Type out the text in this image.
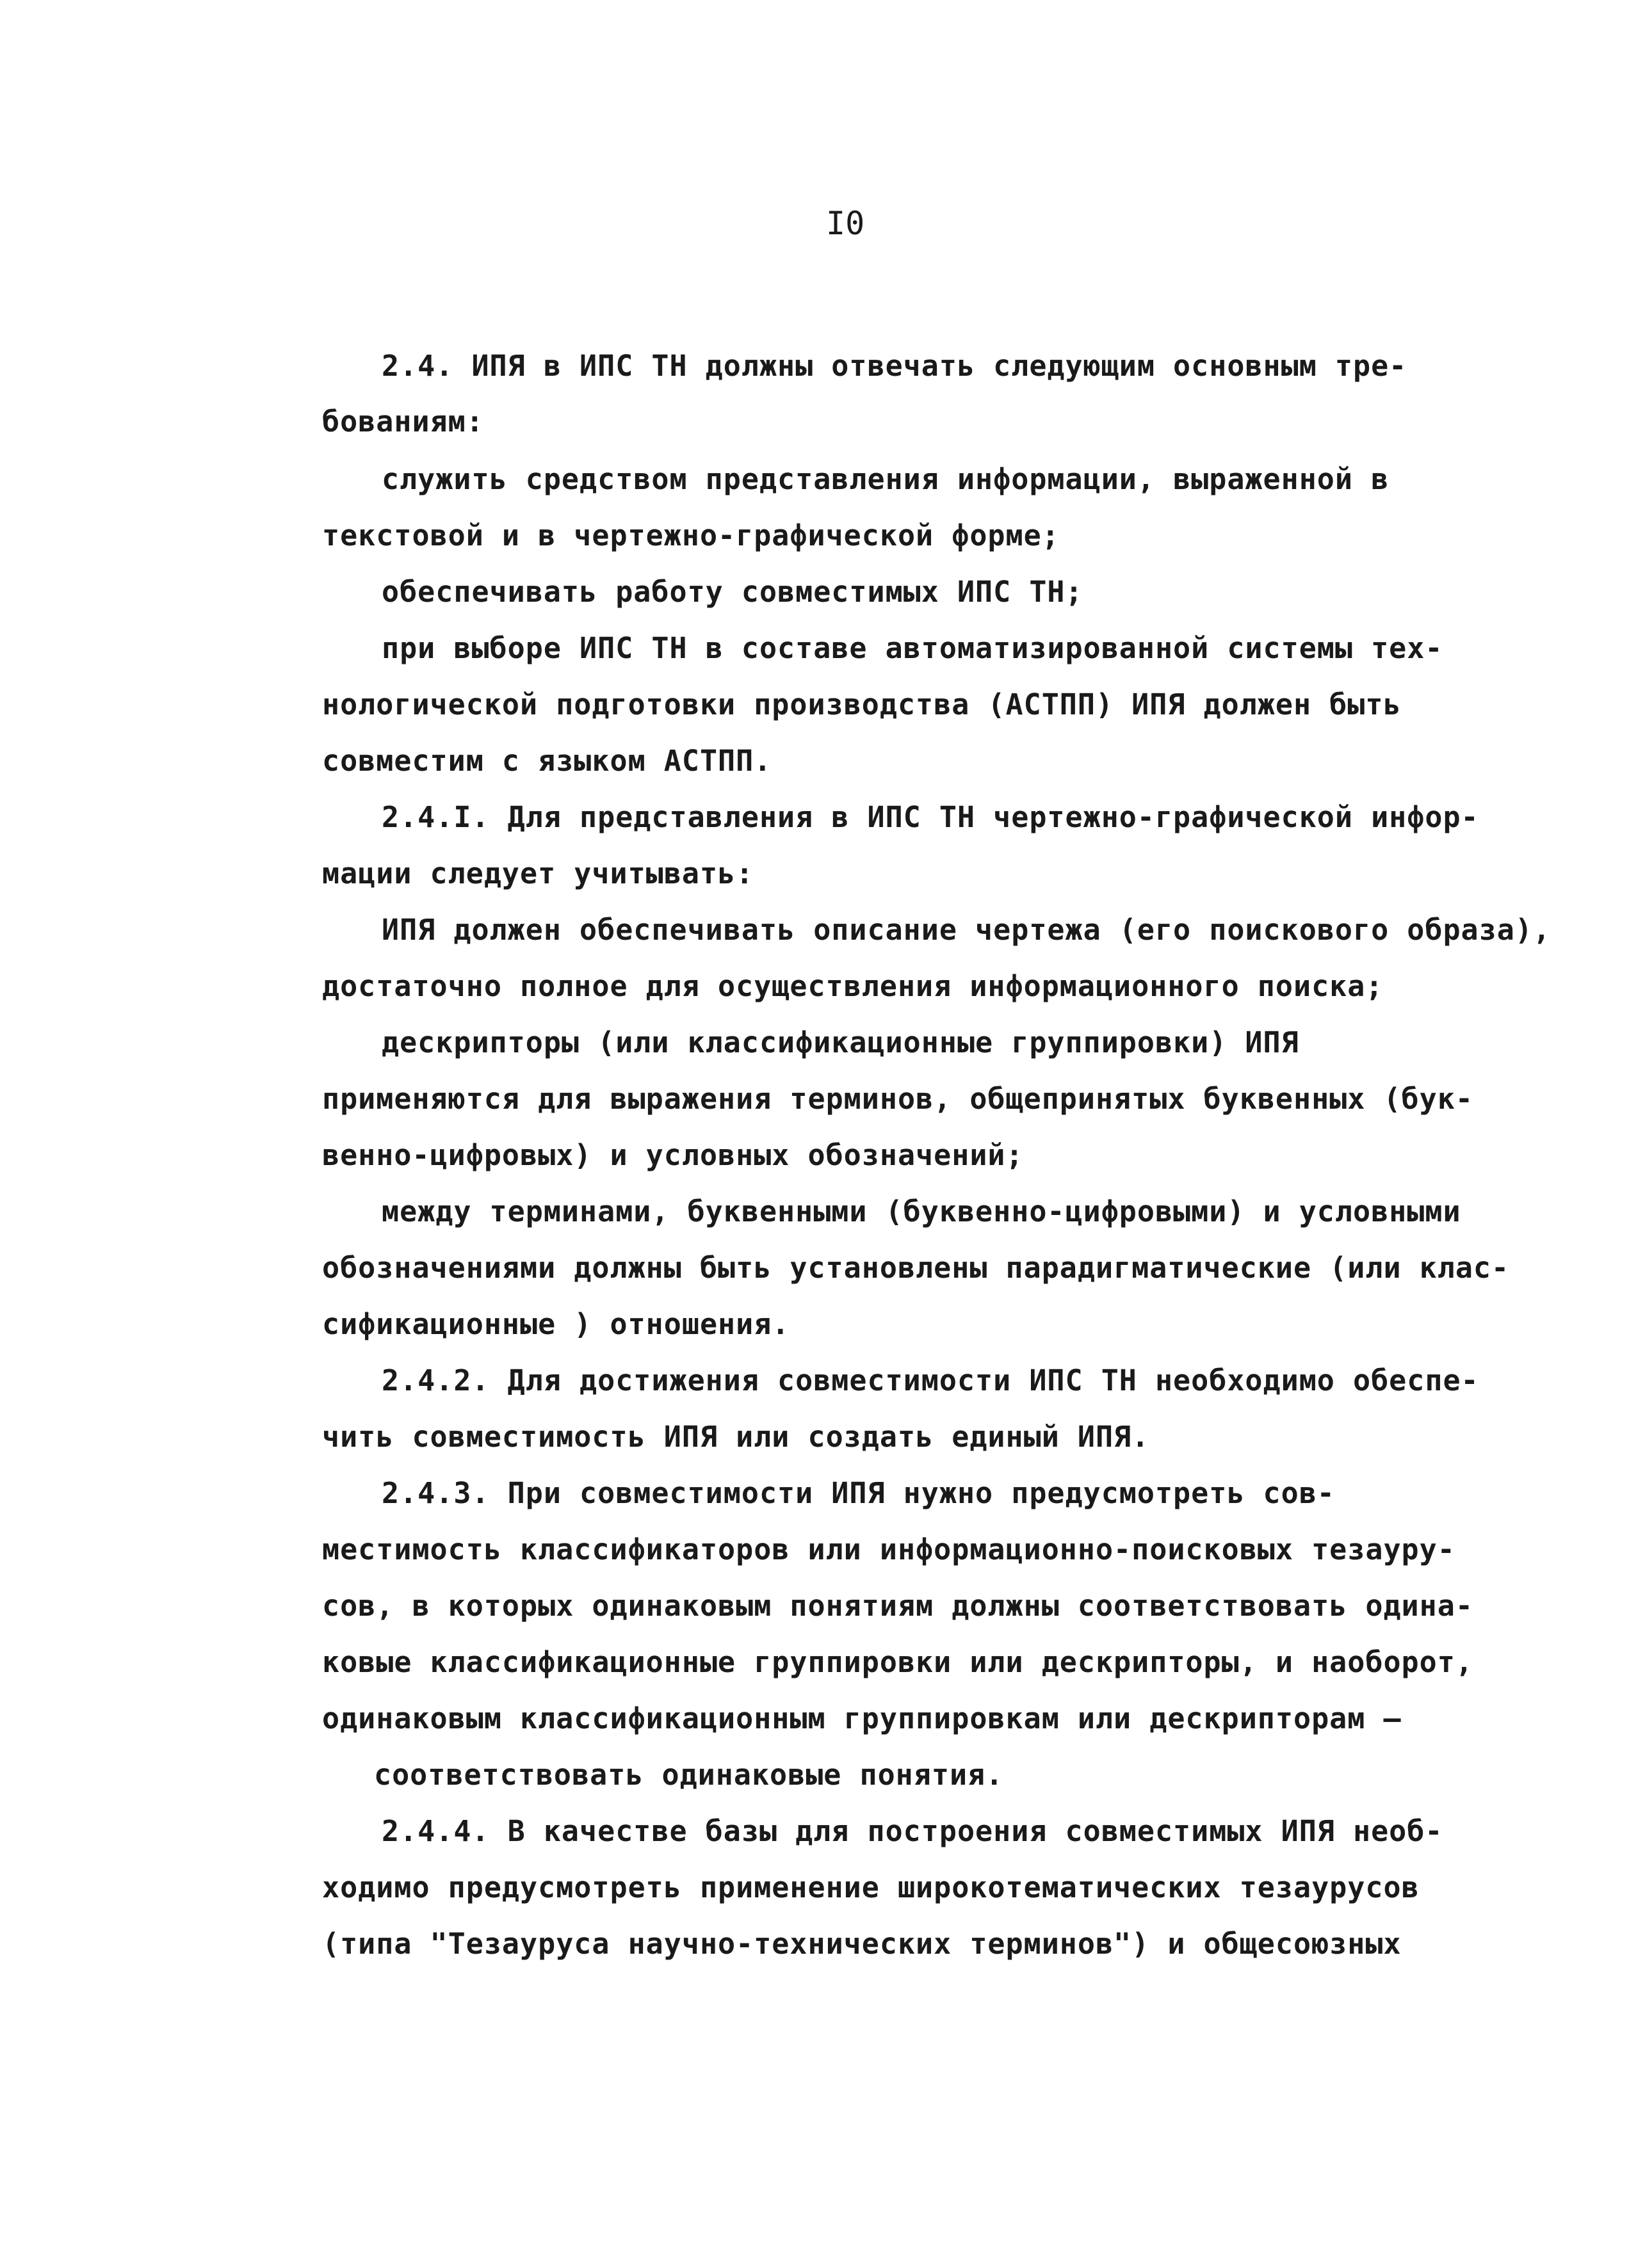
I0
2.4. ИПЯ в ИПС ТН должны отвечать следующим основным тре-
бованиям:
служить средством представления информации, выраженной в
текстовой и в чертежно-графической форме;
обеспечивать работу совместимых ИПС ТН;
при выборе ИПС ТН в составе автоматизированной системы тех-
нологической подготовки производства (АСТПП) ИПЯ должен быть
совместим с языком АСТПП.
2.4.I. Для представления в ИПС ТН чертежно-графической инфор-
мации следует учитывать:
ИПЯ должен обеспечивать описание чертежа (его поискового образа),
достаточно полное для осуществления информационного поиска;
дескрипторы (или классификационные группировки) ИПЯ
применяются для выражения терминов, общепринятых буквенных (бук-
венно-цифровых) и условных обозначений;
между терминами, буквенными (буквенно-цифровыми) и условными
обозначениями должны быть установлены парадигматические (или клас-
сификационные ) отношения.
2.4.2. Для достижения совместимости ИПС ТН необходимо обеспе-
чить совместимость ИПЯ или создать единый ИПЯ.
2.4.3. При совместимости ИПЯ нужно предусмотреть сов-
местимость классификаторов или информационно-поисковых тезауру-
сов, в которых одинаковым понятиям должны соответствовать одина-
ковые классификационные группировки или дескрипторы, и наоборот,
одинаковым классификационным группировкам или дескрипторам –
соответствовать одинаковые понятия.
2.4.4. В качестве базы для построения совместимых ИПЯ необ-
ходимо предусмотреть применение широкотематических тезаурусов
(типа "Тезауруса научно-технических терминов") и общесоюзных
